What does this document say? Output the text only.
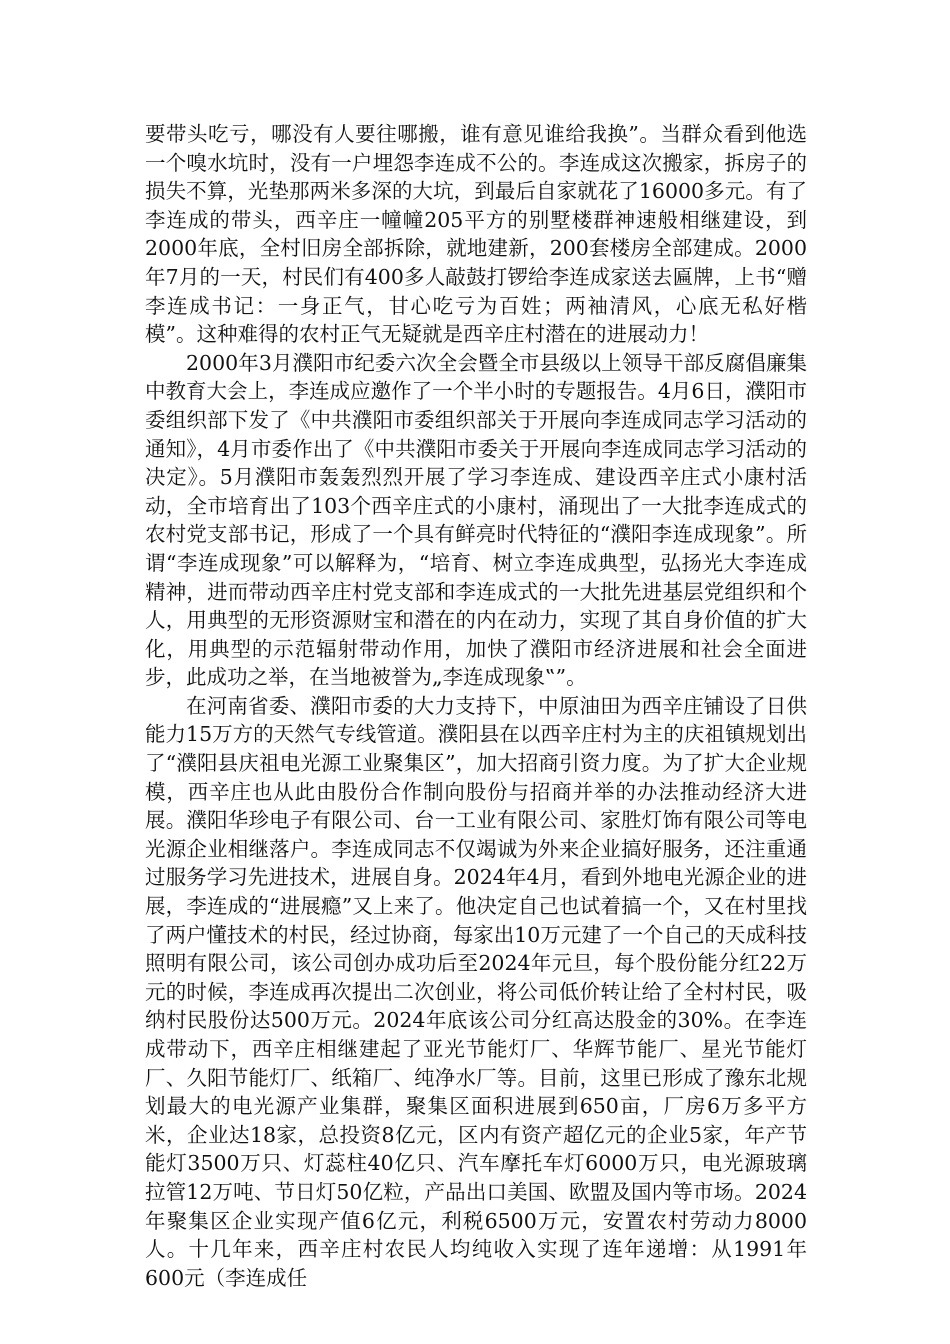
要带头吃亏，哪没有人要往哪搬，谁有意见谁给我换”。当群众看到他选一个嗅水坑时，没有一户埋怨李连成不公的。李连成这次搬家，拆房子的损失不算，光垫那两米多深的大坑，到最后自家就花了16000多元。有了李连成的带头，西辛庄一幢幢205平方的别墅楼群神速般相继建设，到2000年底，全村旧房全部拆除，就地建新，200套楼房全部建成。2000年7月的一天，村民们有400多人敲鼓打锣给李连成家送去匾牌，上书“赠李连成书记：一身正气，甘心吃亏为百姓；两袖清风，心底无私好楷模”。这种难得的农村正气无疑就是西辛庄村潜在的进展动力！

2000年3月濮阳市纪委六次全会暨全市县级以上领导干部反腐倡廉集中教育大会上，李连成应邀作了一个半小时的专题报告。4月6日，濮阳市委组织部下发了《中共濮阳市委组织部关于开展向李连成同志学习活动的通知》，4月市委作出了《中共濮阳市委关于开展向李连成同志学习活动的决定》。5月濮阳市轰轰烈烈开展了学习李连成、建设西辛庄式小康村活动，全市培育出了103个西辛庄式的小康村，涌现出了一大批李连成式的农村党支部书记，形成了一个具有鲜亮时代特征的“濮阳李连成现象”。所谓“李连成现象”可以解释为，“培育、树立李连成典型，弘扬光大李连成精神，进而带动西辛庄村党支部和李连成式的一大批先进基层党组织和个人，用典型的无形资源财宝和潜在的内在动力，实现了其自身价值的扩大化，用典型的示范辐射带动作用，加快了濮阳市经济进展和社会全面进步，此成功之举，在当地被誉为„李连成现象‟”。

在河南省委、濮阳市委的大力支持下，中原油田为西辛庄铺设了日供能力15万方的天然气专线管道。濮阳县在以西辛庄村为主的庆祖镇规划出了“濮阳县庆祖电光源工业聚集区”，加大招商引资力度。为了扩大企业规模，西辛庄也从此由股份合作制向股份与招商并举的办法推动经济大进展。濮阳华珍电子有限公司、台一工业有限公司、家胜灯饰有限公司等电光源企业相继落户。李连成同志不仅竭诚为外来企业搞好服务，还注重通过服务学习先进技术，进展自身。2024年4月，看到外地电光源企业的进展，李连成的“进展瘾”又上来了。他决定自己也试着搞一个，又在村里找了两户懂技术的村民，经过协商，每家出10万元建了一个自己的天成科技照明有限公司，该公司创办成功后至2024年元旦，每个股份能分红22万元的时候，李连成再次提出二次创业，将公司低价转让给了全村村民，吸纳村民股份达500万元。2024年底该公司分红高达股金的30%。在李连成带动下，西辛庄相继建起了亚光节能灯厂、华辉节能厂、星光节能灯厂、久阳节能灯厂、纸箱厂、纯净水厂等。目前，这里已形成了豫东北规划最大的电光源产业集群，聚集区面积进展到650亩，厂房6万多平方米，企业达18家，总投资8亿元，区内有资产超亿元的企业5家，年产节能灯3500万只、灯蕊柱40亿只、汽车摩托车灯6000万只，电光源玻璃拉管12万吨、节日灯50亿粒，产品出口美国、欧盟及国内等市场。2024年聚集区企业实现产值6亿元，利税6500万元，安置农村劳动力8000人。十几年来，西辛庄村农民人均纯收入实现了连年递增：从1991年600元（李连成任
